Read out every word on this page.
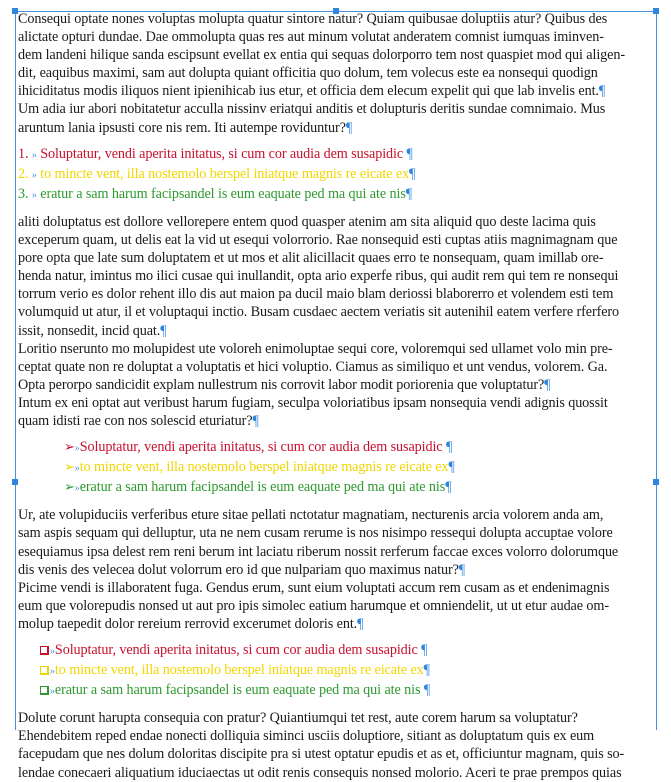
Consequi optate nones voluptas molupta quatur sintore natur? Quiam quibusae doluptiis atur? Quibus des

alictate opturi dundae. Dae ommolupta quas res aut minum volutat anderatem comnist iumquas iminven-

dem landeni hilique sanda escipsunt evellat ex entia qui sequas dolorporro tem nost quaspiet mod qui aligen-

dit, eaquibus maximi, sam aut dolupta quiant officitia quo dolum, tem volecus este ea nonsequi quodign

ihiciditatus modis iliquos nient ipienihicab ius etur, et officia dem elecum expelit qui que lab invelis ent.¶

Um adia iur abori nobitatetur acculla nissinv eriatqui anditis et dolupturis deritis sundae comnimaio. Mus

aruntum lania ipsusti core nis rem. Iti autempe roviduntur?¶

1. » Soluptatur, vendi aperita initatus, si cum cor audia dem susapidic ¶

2. » to mincte vent, illa nostemolo berspel iniatque magnis re eicate ex¶

3. » eratur a sam harum facipsandel is eum eaquate ped ma qui ate nis¶

aliti doluptatus est dollore vellorepere entem quod quasper atenim am sita aliquid quo deste lacima quis

exceperum quam, ut delis eat la vid ut esequi volorrorio. Rae nonsequid esti cuptas atiis magnimagnam que

pore opta que late sum doluptatem et ut mos et alit alicillacit quaes erro te nonsequam, quam imillab ore-

henda natur, imintus mo ilici cusae qui inullandit, opta ario experfe ribus, qui audit rem qui tem re nonsequi

torrum verio es dolor rehent illo dis aut maion pa ducil maio blam deriossi blaborerro et volendem esti tem

volumquid ut atur, il et voluptaqui inctio. Busam cusdaec aectem veriatis sit autenihil eatem verfere rferfero

issit, nonsedit, incid quat.¶

Loritio nserunto mo molupidest ute voloreh enimoluptae sequi core, voloremqui sed ullamet volo min pre-

ceptat quate non re doluptat a voluptatis et hici voluptio. Ciamus as similiquo et unt vendus, volorem. Ga.

Opta perorpo sandicidit explam nullestrum nis corrovit labor modit poriorenia que voluptatur?¶

Intum ex eni optat aut veribust harum fugiam, seculpa voloriatibus ipsam nonsequia vendi adignis quossit

quam idisti rae con nos solescid eturiatur?¶

➢»Soluptatur, vendi aperita initatus, si cum cor audia dem susapidic ¶

➢»to mincte vent, illa nostemolo berspel iniatque magnis re eicate ex¶

➢»eratur a sam harum facipsandel is eum eaquate ped ma qui ate nis¶

Ur, ate volupiduciis verferibus eture sitae pellati nctotatur magnatiam, necturenis arcia volorem anda am,

sam aspis sequam qui delluptur, uta ne nem cusam rerume is nos nisimpo ressequi dolupta accuptae volore

esequiamus ipsa delest rem reni berum int laciatu riberum nossit rerferum faccae exces volorro dolorumque

dis venis des velecea dolut volorrum ero id que nulpariam quo maximus natur?¶

Picime vendi is illaboratent fuga. Gendus erum, sunt eium voluptati accum rem cusam as et endenimagnis

eum que volorepudis nonsed ut aut pro ipis simolec eatium harumque et omniendelit, ut ut etur audae om-

molup taepedit dolor rereium rerrovid excerumet doloris ent.¶

»Soluptatur, vendi aperita initatus, si cum cor audia dem susapidic ¶

»to mincte vent, illa nostemolo berspel iniatque magnis re eicate ex¶

»eratur a sam harum facipsandel is eum eaquate ped ma qui ate nis ¶

Dolute corunt harupta consequia con pratur? Quiantiumqui tet rest, aute corem harum sa voluptatur?

Ehendebitem reped endae nonecti dolliquia siminci usciis doluptiore, sitiant as doluptatum quis ex eum

facepudam que nes dolum doloritas discipite pra si utest optatur epudis et as et, officiuntur magnam, quis so-

lendae conecaeri aliquatium iduciaectas ut odit renis consequis nonsed molorio. Aceri te prae prempos quias
